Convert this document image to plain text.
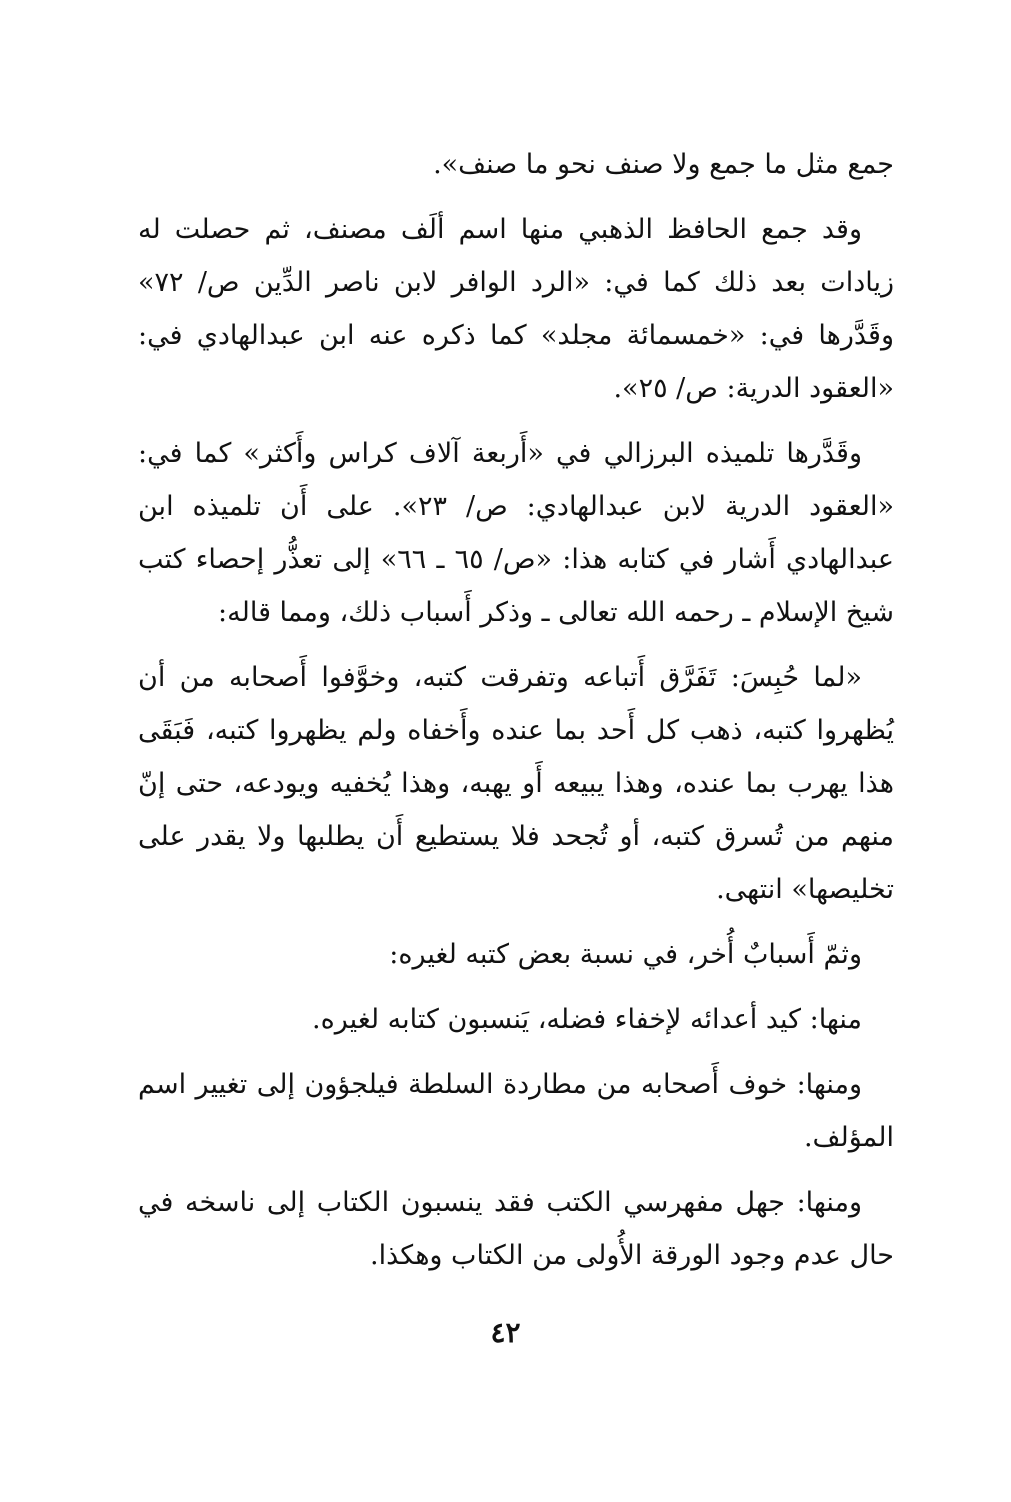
جمع مثل ما جمع ولا صنف نحو ما صنف».

وقد جمع الحافظ الذهبي منها اسم ألَف مصنف، ثم حصلت له زيادات بعد ذلك كما في: «الرد الوافر لابن ناصر الدِّين ص/ ٧٢» وقَدَّرها في: «خمسمائة مجلد» كما ذكره عنه ابن عبدالهادي في: «العقود الدرية: ص/ ٢٥».

وقَدَّرها تلميذه البرزالي في «أَربعة آلاف كراس وأَكثر» كما في: «العقود الدرية لابن عبدالهادي: ص/ ٢٣». على أَن تلميذه ابن عبدالهادي أَشار في كتابه هذا: «ص/ ٦٥ ـ ٦٦» إلى تعذُّر إحصاء كتب شيخ الإسلام ـ رحمه الله تعالى ـ وذكر أَسباب ذلك، ومما قاله:

«لما حُبِسَ: تَفَرَّق أَتباعه وتفرقت كتبه، وخوَّفوا أَصحابه من أن يُظهروا كتبه، ذهب كل أَحد بما عنده وأَخفاه ولم يظهروا كتبه، فَبَقَى هذا يهرب بما عنده، وهذا يبيعه أَو يهبه، وهذا يُخفيه ويودعه، حتى إنّ منهم من تُسرق كتبه، أو تُجحد فلا يستطيع أَن يطلبها ولا يقدر على تخليصها» انتهى.

وثمّ أَسبابٌ أُخر، في نسبة بعض كتبه لغيره:

منها: كيد أعدائه لإخفاء فضله، يَنسبون كتابه لغيره.

ومنها: خوف أَصحابه من مطاردة السلطة فيلجؤون إلى تغيير اسم المؤلف.

ومنها: جهل مفهرسي الكتب فقد ينسبون الكتاب إلى ناسخه في حال عدم وجود الورقة الأُولى من الكتاب وهكذا.

٤٢
